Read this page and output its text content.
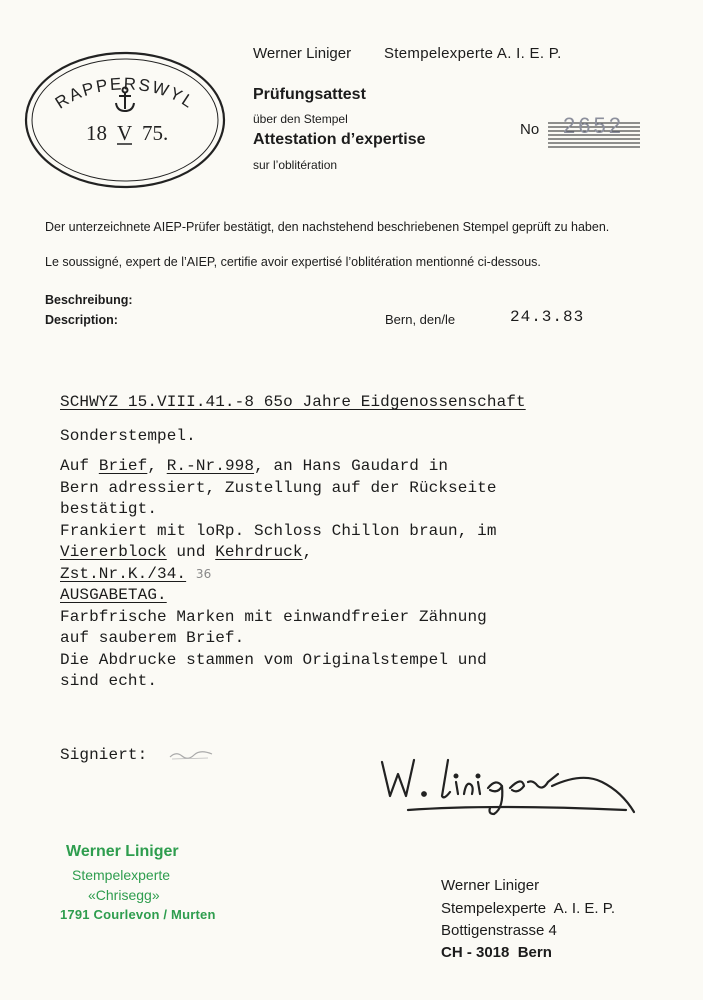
RAPPERSWYL
18 V 75.
Werner Liniger Stempelexperte A. I. E. P.
Prüfungsattest
über den Stempel
Attestation d’expertise
sur l’oblitération
No 2652
Der unterzeichnete AIEP-Prüfer bestätigt, den nachstehend beschriebenen Stempel geprüft zu haben.
Le soussigné, expert de l’AIEP, certifie avoir expertisé l’oblitération mentionné ci-dessous.
Beschreibung:
Description:	Bern, den/le	24.3.83
SCHWYZ 15.VIII.41.-8 65o Jahre Eidgenossenschaft
Sonderstempel.
Auf Brief, R.-Nr.998, an Hans Gaudard in
Bern adressiert, Zustellung auf der Rückseite
bestätigt.
Frankiert mit loRp. Schloss Chillon braun, im
Viererblock und Kehrdruck,
Zst.Nr.K./34. 36
AUSGABETAG.
Farbfrische Marken mit einwandfreier Zähnung
auf sauberem Brief.
Die Abdrucke stammen vom Originalstempel und
sind echt.
Signiert:
Werner Liniger
Stempelexperte
«Chrisegg»
1791 Courlevon / Murten
Werner Liniger
Stempelexperte  A. I. E. P.
Bottigenstrasse 4
CH - 3018  Bern
